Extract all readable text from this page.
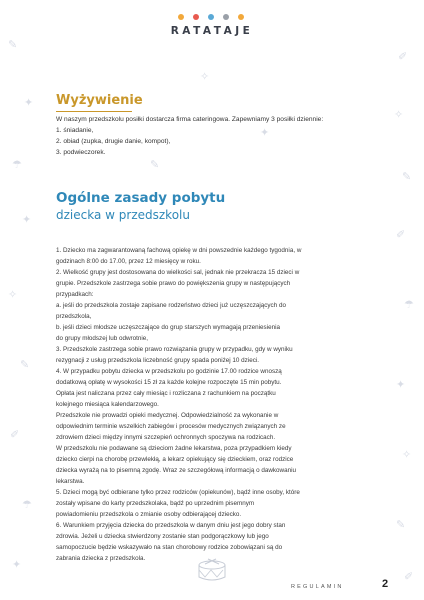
✎
✐
✦
✧
☂
✎
✦
✐
✧
☂
✎
✦
✐
✧
☂
✎
✦
✐
✧
✦
✎
RATATAJE
Wyżywienie
W naszym przedszkolu posiłki dostarcza firma cateringowa. Zapewniamy 3 posiłki dziennie:
1. śniadanie,
2. obiad (zupka, drugie danie, kompot),
3. podwieczorek.
Ogólne zasady pobytu
dziecka w przedszkolu

1. Dziecko ma zagwarantowaną fachową opiekę w dni powszednie każdego tygodnia, w

godzinach 8:00 do 17.00, przez 12 miesięcy w roku.

2. Wielkość grupy jest dostosowana do wielkości sal, jednak nie przekracza 15 dzieci w

grupie. Przedszkole zastrzega sobie prawo do powiększenia grupy w następujących

przypadkach:

a. jeśli do przedszkola zostaje zapisane rodzeństwo dzieci już uczęszczających do

przedszkola,

b. jeśli dzieci młodsze uczęszczające do grup starszych wymagają przeniesienia

do grupy młodszej lub odwrotnie,

3. Przedszkole zastrzega sobie prawo rozwiązania grupy w przypadku, gdy w wyniku

rezygnacji z usług przedszkola liczebność grupy spada poniżej 10 dzieci.

4. W przypadku pobytu dziecka w przedszkolu po godzinie 17.00 rodzice wnoszą

dodatkową opłatę w wysokości 15 zł za każde kolejne rozpoczęte 15 min pobytu.

Opłata jest naliczana przez cały miesiąc i rozliczana z rachunkiem na początku

kolejnego miesiąca kalendarzowego.

Przedszkole nie prowadzi opieki medycznej. Odpowiedzialność za wykonanie w

odpowiednim terminie wszelkich zabiegów i procesów medycznych związanych ze

zdrowiem dzieci między innymi szczepień ochronnych spoczywa na rodzicach.

W przedszkolu nie podawane są dzieciom żadne lekarstwa, poza przypadkiem kiedy

dziecko cierpi na chorobę przewlekłą, a lekarz opiekujący się dzieckiem, oraz rodzice

dziecka wyrażą na to pisemną zgodę. Wraz ze szczegółową informacją o dawkowaniu

lekarstwa.

5. Dzieci mogą być odbierane tylko przez rodziców (opiekunów), bądź inne osoby, które

zostały wpisane do karty przedszkolaka, bądź po uprzednim pisemnym

powiadomieniu przedszkola o zmianie osoby odbierającej dziecko.

6. Warunkiem przyjęcia dziecka do przedszkola w danym dniu jest jego dobry stan

zdrowia. Jeżeli u dziecka stwierdzony zostanie stan podgorączkowy lub jego

samopoczucie będzie wskazywało na stan chorobowy rodzice zobowiązani są do

zabrania dziecka z przedszkola.

REGULAMIN	2
